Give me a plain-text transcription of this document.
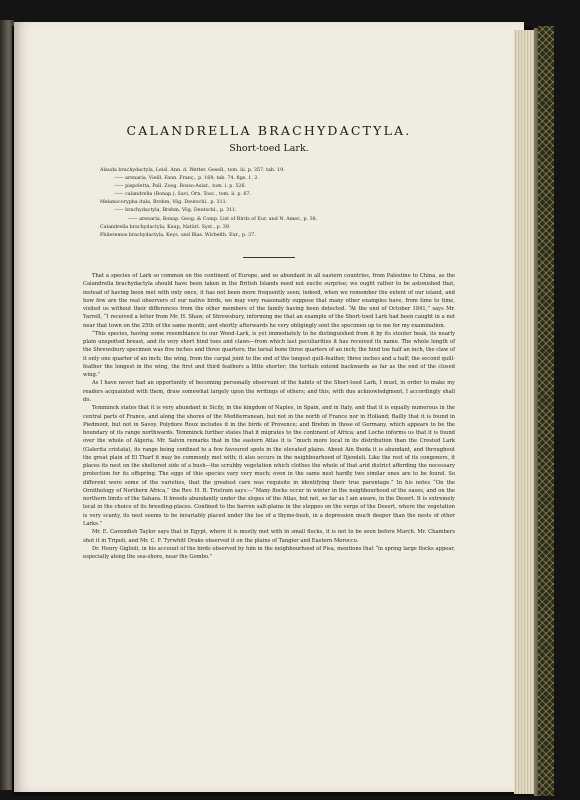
CALANDRELLA BRACHYDACTYLA.
Short-toed Lark.
Alauda brachydactyla, Leisl. Ann. d. Wetter. Gesell., tom. iii. p. 357, tab. 19.
—— arenaria, Vieill. Faun. Franç., p. 169, tab. 74. figs. 1, 2.
—— pispoletta, Pall. Zoog. Rosso-Asiat., tom. i. p. 526.
—— calandrella (Bonap.), Savi, Orn. Tosc., tom. ii. p. 67.
Melanocorypha itala, Brehm, Vög. Deutschl., p. 311.
—— brachydactyla, Brehm, Vög. Deutschl., p. 311.
—— arenaria, Bonap. Geog. & Comp. List of Birds of Eur. and N. Amer., p. 38.
Calandrella brachydactyla, Kaup, Natürl. Syst., p. 39.
Phileremos brachydactyla, Keys. und Blas. Wirbelth. Eur., p. 37.

That a species of Lark so common on the continent of Europe, and so abundant in all eastern countries, from Palestine to China, as the Calandrella brachydactyla should have been taken in the British Islands need not excite surprise; we ought rather to be astonished that, instead of having been met with only once, it has not been more frequently seen; indeed, when we remember the extent of our island, and how few are the real observers of our native birds, we may very reasonably suppose that many other examples have, from time to time, visited us without their differences from the other members of the family having been detected. “At the end of October 1841,” says Mr. Yarrell, “I received a letter from Mr. H. Shaw, of Shrewsbury, informing me that an example of the Short-toed Lark had been caught in a net near that town on the 25th of the same month; and shortly afterwards he very obligingly sent the specimen up to me for my examination.

“This species, having some resemblance to our Wood-Lark, is yet immediately to be distinguished from it by its stouter beak, its nearly plain unspotted breast, and its very short hind toes and claws—from which last peculiarities it has received its name. The whole length of the Shrewsbury specimen was five inches and three quarters; the tarsal bone three quarters of an inch; the hind toe half an inch, the claw of it only one quarter of an inch; the wing, from the carpal joint to the end of the longest quill-feather, three inches and a half; the second quill-feather the longest in the wing, the first and third feathers a little shorter; the tertials extend backwards as far as the end of the closed wing.”

As I have never had an opportunity of becoming personally observant of the habits of the Short-toed Lark, I must, in order to make my readers acquainted with them, draw somewhat largely upon the writings of others; and this, with due acknowledgment, I accordingly shall do.

Temminck states that it is very abundant in Sicily, in the kingdom of Naples, in Spain, and in Italy, and that it is equally numerous in the central parts of France, and along the shores of the Mediterranean, but not in the north of France nor in Holland; Bailly that it is found in Piedmont, but not in Savoy. Polydore Roux includes it in the birds of Provence; and Brehm in those of Germany, which appears to be the boundary of its range northwards. Temminck further states that it migrates to the continent of Africa; and Loche informs us that it is found over the whole of Algeria. Mr. Salvin remarks that in the eastern Atlas it is “much more local in its distribution than the Crested Lark (Galerita cristata), its range being confined to a few favoured spots in the elevated plains. About Ain Beida it is abundant, and throughout the great plain of El Tharf it may be commonly met with; it also occurs in the neighbourhood of Djendeli. Like the rest of its congeners, it places its nest on the sheltered side of a bush—the scrubby vegetation which clothes the whole of that arid district affording the necessary protection for its offspring. The eggs of this species vary very much; even in the same nest hardly two similar ones are to be found. So different were some of the varieties, that the greatest care was requisite in identifying their true parentage.” In his notes “On the Ornithology of Northern Africa,” the Rev. H. B. Tristram says:—“Many flocks occur in winter in the neighbourhood of the oases, and on the northern limits of the Sahara. It breeds abundantly under the slopes of the Atlas, but not, so far as I am aware, in the Desert. It is extremely local in the choice of its breeding-places. Confined to the barren salt-plains in the steppes on the verge of the Desert, where the vegetation is very scanty, its nest seems to be invariably placed under the lee of a thyme-bush, in a depression much deeper than the nests of other Larks.”

Mr. E. Cavendish Taylor says that in Egypt, where it is mostly met with in small flocks, it is not to be seen before March. Mr. Chambers shot it in Tripoli, and Mr. C. F. Tyrwhitt Drake observed it on the plains of Tangier and Eastern Morocco.

Dr. Henry Giglioli, in his account of the birds observed by him in the neighbourhood of Pisa, mentions that “in spring large flocks appear, especially along the sea-shore, near the Gombo.”
